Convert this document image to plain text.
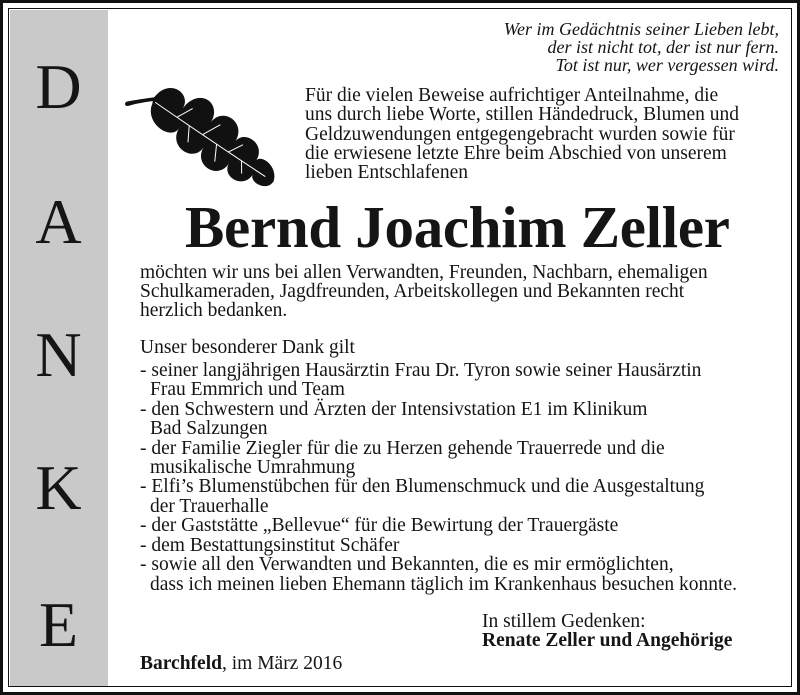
D
A
N
K
E
Wer im Gedächtnis seiner Lieben lebt,
der ist nicht tot, der ist nur fern.
Tot ist nur, wer vergessen wird.
Für die vielen Beweise aufrichtiger Anteilnahme, die
uns durch liebe Worte, stillen Händedruck, Blumen und
Geldzuwendungen entgegengebracht wurden sowie für
die erwiesene letzte Ehre beim Abschied von unserem
lieben Entschlafenen
Bernd Joachim Zeller
möchten wir uns bei allen Verwandten, Freunden, Nachbarn, ehemaligen
Schulkameraden, Jagdfreunden, Arbeitskollegen und Bekannten recht
herzlich bedanken.
Unser besonderer Dank gilt
- seiner langjährigen Hausärztin Frau Dr. Tyron sowie seiner Hausärztin
Frau Emmrich und Team
- den Schwestern und Ärzten der Intensivstation E1 im Klinikum
Bad Salzungen
- der Familie Ziegler für die zu Herzen gehende Trauerrede und die
musikalische Umrahmung
- Elfi’s Blumenstübchen für den Blumenschmuck und die Ausgestaltung
der Trauerhalle
- der Gaststätte „Bellevue“ für die Bewirtung der Trauergäste
- dem Bestattungsinstitut Schäfer
- sowie all den Verwandten und Bekannten, die es mir ermöglichten,
dass ich meinen lieben Ehemann täglich im Krankenhaus besuchen konnte.
In stillem Gedenken:
Renate Zeller und Angehörige
Barchfeld, im März 2016
